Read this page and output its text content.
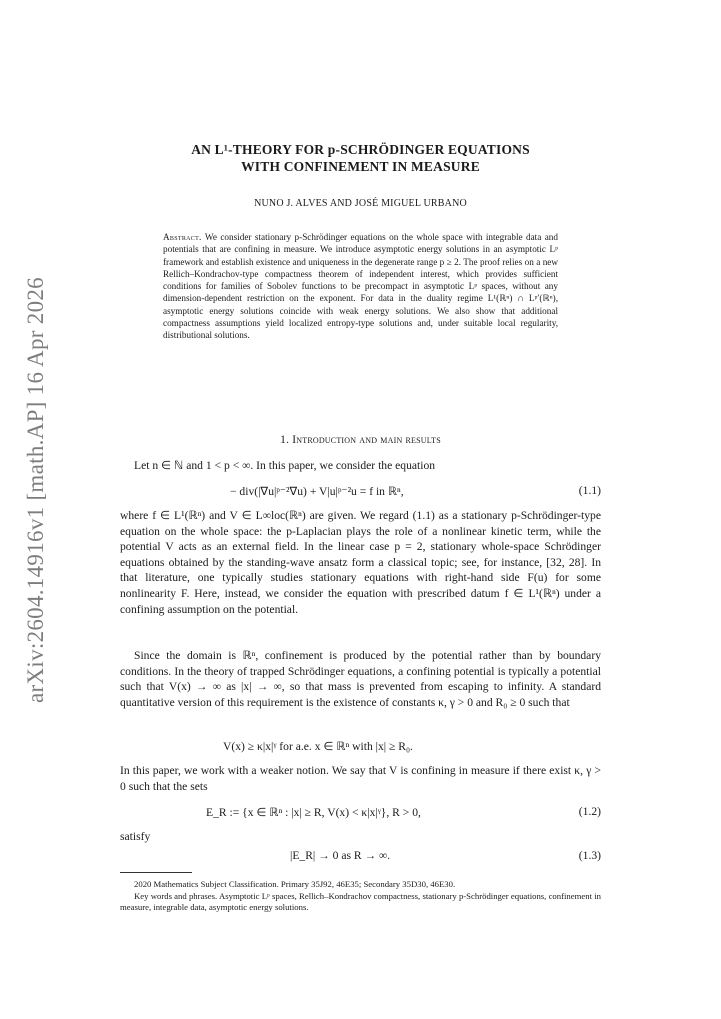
arXiv:2604.14916v1 [math.AP] 16 Apr 2026
AN L¹-THEORY FOR p-SCHRÖDINGER EQUATIONS
WITH CONFINEMENT IN MEASURE
NUNO J. ALVES AND JOSÉ MIGUEL URBANO
Abstract. We consider stationary p-Schrödinger equations on the whole space with integrable data and potentials that are confining in measure. We introduce asymptotic energy solutions in an asymptotic Lᵖ framework and establish existence and uniqueness in the degenerate range p ≥ 2. The proof relies on a new Rellich–Kondrachov-type compactness theorem of independent interest, which provides sufficient conditions for families of Sobolev functions to be precompact in asymptotic Lᵖ spaces, without any dimension-dependent restriction on the exponent. For data in the duality regime L¹(ℝⁿ) ∩ Lᵖ′(ℝⁿ), asymptotic energy solutions coincide with weak energy solutions. We also show that additional compactness assumptions yield localized entropy-type solutions and, under suitable local regularity, distributional solutions.
1. Introduction and main results
Let n ∈ ℕ and 1 < p < ∞. In this paper, we consider the equation
− div(|∇u|ᵖ⁻²∇u) + V|u|ᵖ⁻²u = f in ℝⁿ,	(1.1)
where f ∈ L¹(ℝⁿ) and V ∈ L∞loc(ℝⁿ) are given. We regard (1.1) as a stationary p-Schrödinger-type equation on the whole space: the p-Laplacian plays the role of a nonlinear kinetic term, while the potential V acts as an external field. In the linear case p = 2, stationary whole-space Schrödinger equations obtained by the standing-wave ansatz form a classical topic; see, for instance, [32, 28]. In that literature, one typically studies stationary equations with right-hand side F(u) for some nonlinearity F. Here, instead, we consider the equation with prescribed datum f ∈ L¹(ℝⁿ) under a confining assumption on the potential.
Since the domain is ℝⁿ, confinement is produced by the potential rather than by boundary conditions. In the theory of trapped Schrödinger equations, a confining potential is typically a potential such that V(x) → ∞ as |x| → ∞, so that mass is prevented from escaping to infinity. A standard quantitative version of this requirement is the existence of constants κ, γ > 0 and R₀ ≥ 0 such that
V(x) ≥ κ|x|ᵞ for a.e. x ∈ ℝⁿ with |x| ≥ R₀.
In this paper, we work with a weaker notion. We say that V is confining in measure if there exist κ, γ > 0 such that the sets
E_R := {x ∈ ℝⁿ : |x| ≥ R, V(x) < κ|x|ᵞ}, R > 0,	(1.2)
satisfy
|E_R| → 0 as R → ∞.	(1.3)
2020 Mathematics Subject Classification. Primary 35J92, 46E35; Secondary 35D30, 46E30.
Key words and phrases. Asymptotic Lᵖ spaces, Rellich–Kondrachov compactness, stationary p-Schrödinger equations, confinement in measure, integrable data, asymptotic energy solutions.
